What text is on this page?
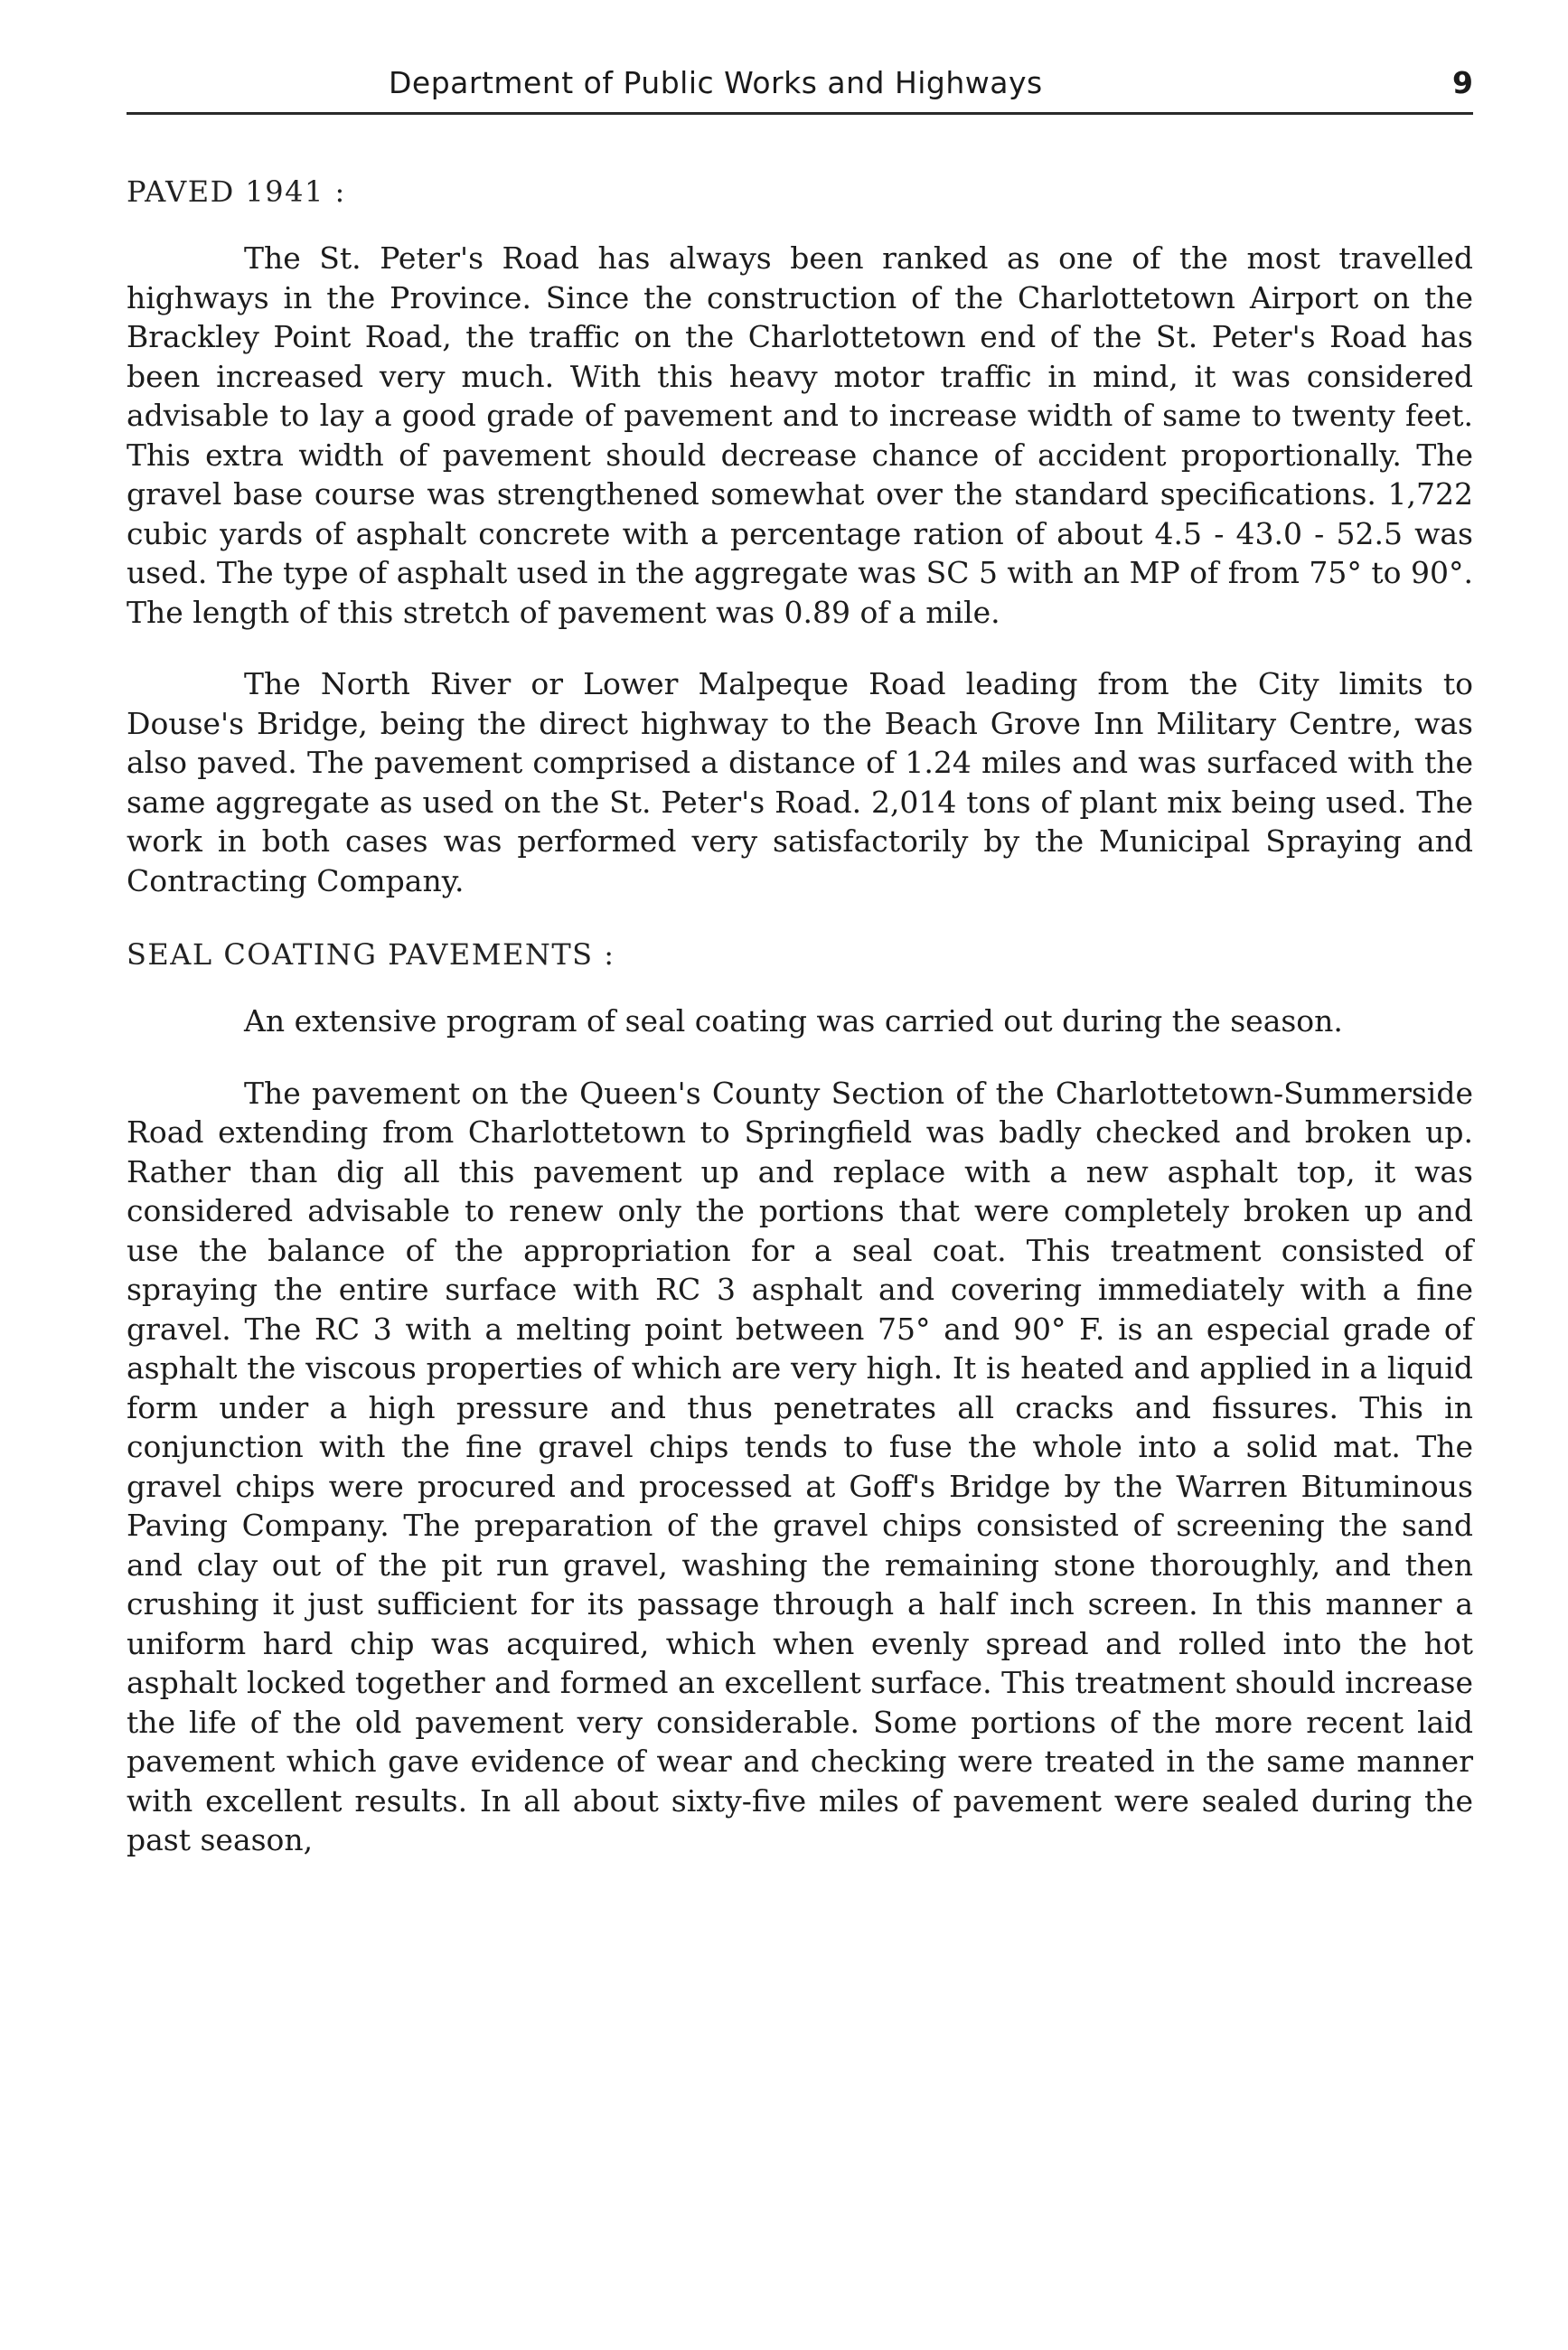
Department of Public Works and Highways	9
PAVED 1941 :

The St. Peter's Road has always been ranked as one of the most travelled highways in the Province. Since the construction of the Charlottetown Airport on the Brackley Point Road, the traffic on the Charlottetown end of the St. Peter's Road has been increased very much. With this heavy motor traffic in mind, it was considered advisable to lay a good grade of pavement and to increase width of same to twenty feet. This extra width of pavement should decrease chance of accident proportionally. The gravel base course was strengthened somewhat over the standard specifications. 1,722 cubic yards of asphalt concrete with a percentage ration of about 4.5 - 43.0 - 52.5 was used. The type of asphalt used in the aggregate was SC 5 with an MP of from 75° to 90°. The length of this stretch of pavement was 0.89 of a mile.

The North River or Lower Malpeque Road leading from the City limits to Douse's Bridge, being the direct highway to the Beach Grove Inn Military Centre, was also paved. The pavement comprised a distance of 1.24 miles and was surfaced with the same aggregate as used on the St. Peter's Road. 2,014 tons of plant mix being used. The work in both cases was performed very satisfactorily by the Municipal Spraying and Contracting Company.

SEAL COATING PAVEMENTS :

An extensive program of seal coating was carried out during the season.

The pavement on the Queen's County Section of the Charlottetown-Summerside Road extending from Charlottetown to Springfield was badly checked and broken up. Rather than dig all this pavement up and replace with a new asphalt top, it was considered advisable to renew only the portions that were completely broken up and use the balance of the appropriation for a seal coat. This treatment consisted of spraying the entire surface with RC 3 asphalt and covering immediately with a fine gravel. The RC 3 with a melting point between 75° and 90° F. is an especial grade of asphalt the viscous properties of which are very high. It is heated and applied in a liquid form under a high pressure and thus penetrates all cracks and fissures. This in conjunction with the fine gravel chips tends to fuse the whole into a solid mat. The gravel chips were procured and processed at Goff's Bridge by the Warren Bituminous Paving Company. The preparation of the gravel chips consisted of screening the sand and clay out of the pit run gravel, washing the remaining stone thoroughly, and then crushing it just sufficient for its passage through a half inch screen. In this manner a uniform hard chip was acquired, which when evenly spread and rolled into the hot asphalt locked together and formed an excellent surface. This treatment should increase the life of the old pavement very considerable. Some portions of the more recent laid pavement which gave evidence of wear and checking were treated in the same manner with excellent results. In all about sixty-five miles of pavement were sealed during the past season,
